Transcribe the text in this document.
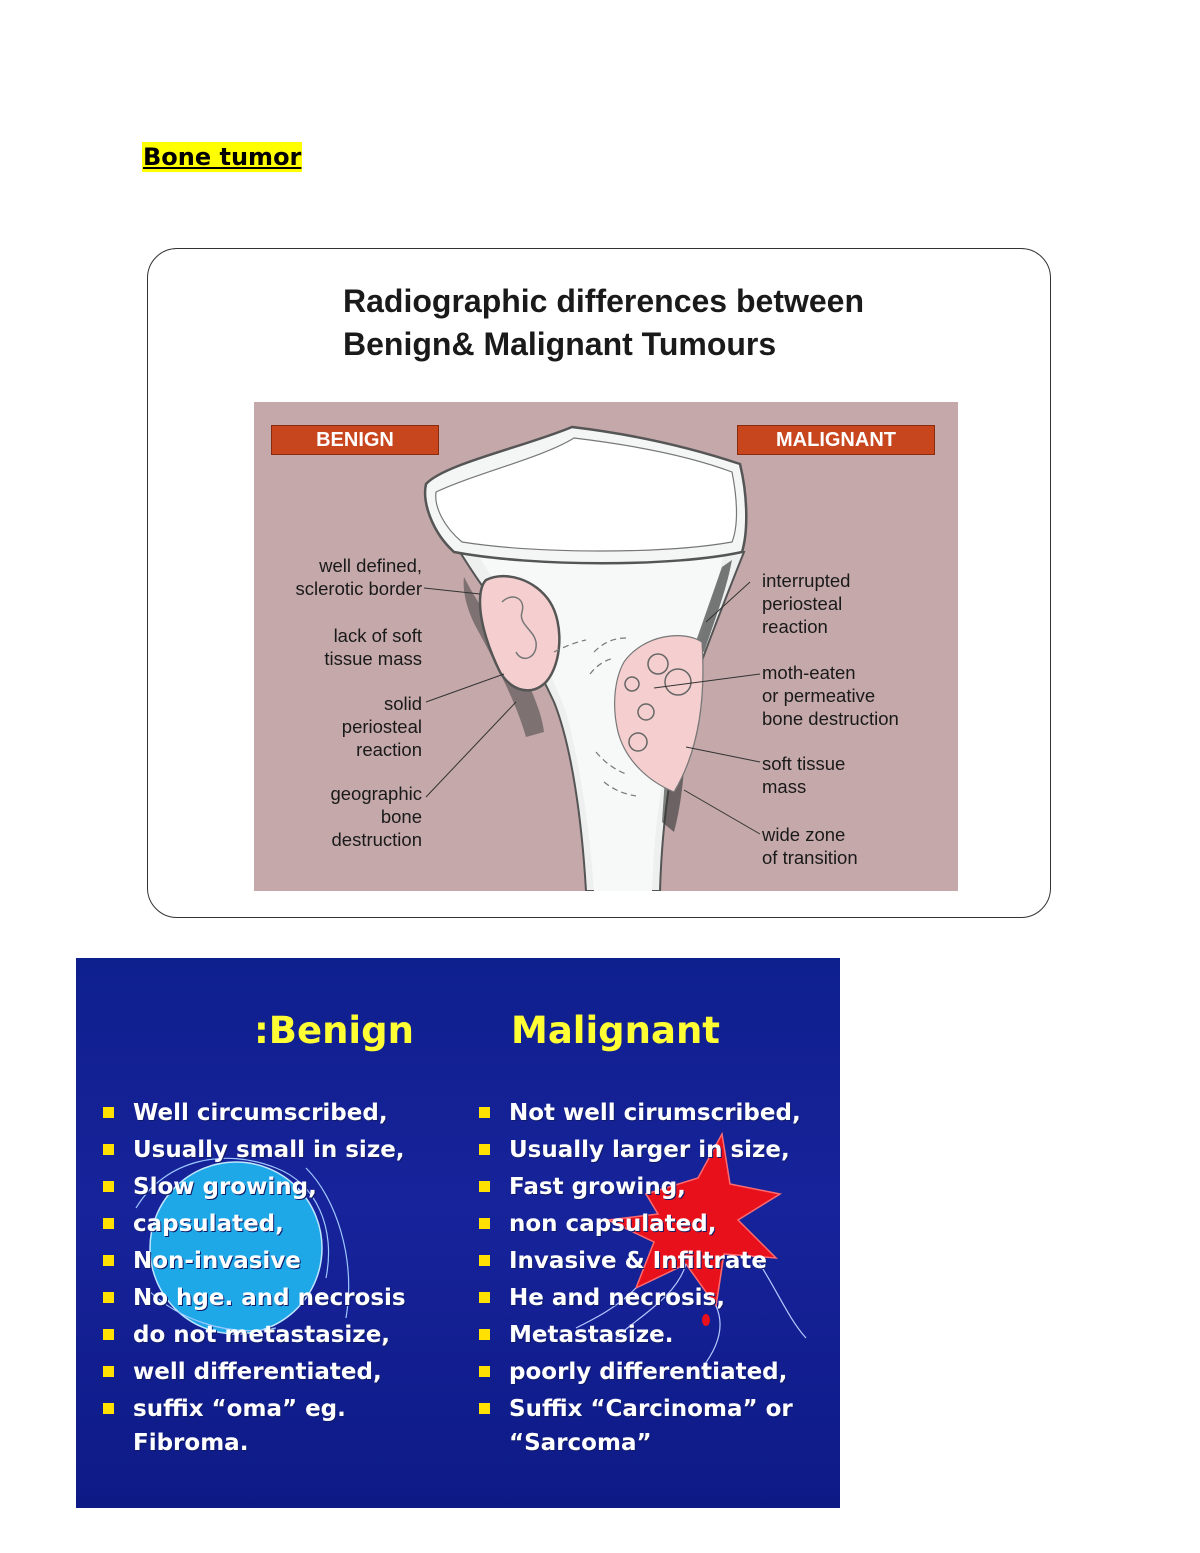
Bone tumor
Radiographic differences between
Benign& Malignant Tumours
BENIGN	MALIGNANT
well defined,
sclerotic border
lack of soft
tissue mass
solid
periosteal
reaction
geographic
bone
destruction
interrupted
periosteal
reaction
moth-eaten
or permeative
bone destruction
soft tissue
mass
wide zone
of transition
:Benign	Malignant
Well circumscribed,
Usually small in size,
Slow growing,
capsulated,
Non-invasive
No hge. and necrosis
do not metastasize,
well differentiated,
suffix “oma” eg.
Fibroma.
Not well cirumscribed,
Usually larger in size,
Fast growing,
non capsulated,
Invasive & Infiltrate
He and necrosis,
Metastasize.
poorly differentiated,
Suffix “Carcinoma” or
“Sarcoma”
